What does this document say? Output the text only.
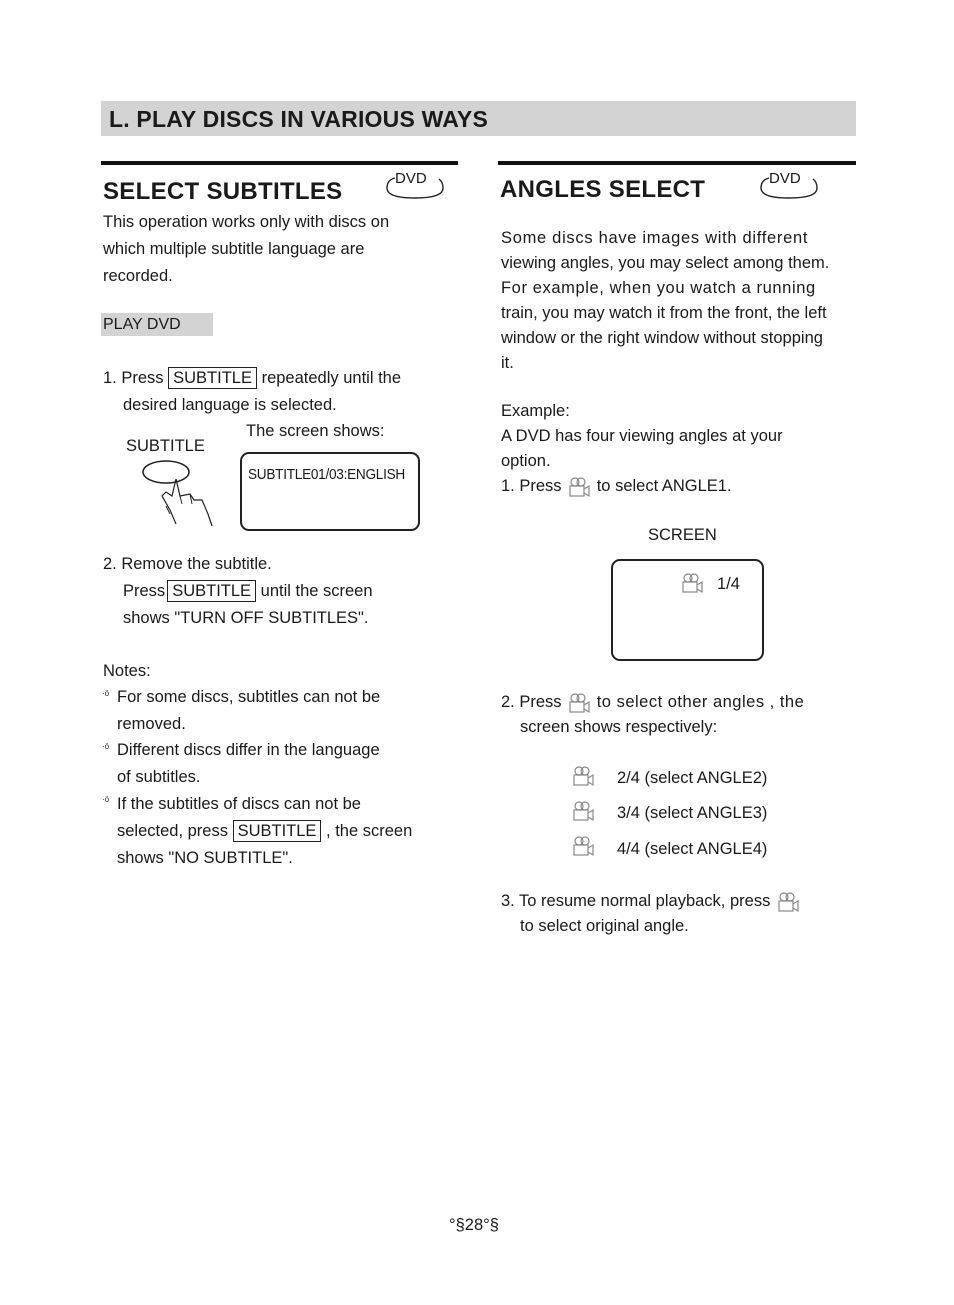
L. PLAY DISCS IN VARIOUS WAYS
SELECT SUBTITLES	DVD
This operation works only with discs on
which multiple subtitle language are
recorded.
PLAY DVD
1. Press SUBTITLE repeatedly until the
desired language is selected.
The screen shows:
SUBTITLE
SUBTITLE01/03:ENGLISH
2. Remove the subtitle.
Press SUBTITLE until the screen
shows "TURN OFF SUBTITLES".
Notes:
·ö For some discs, subtitles can not be
removed.
·ö Different discs differ in the language
of subtitles.
·ö If the subtitles of discs can not be
selected, press SUBTITLE , the screen
shows "NO SUBTITLE".
ANGLES SELECT	DVD
Some discs have images with different
viewing angles, you may select among them.
For example, when you watch a running
train, you may watch it from the front, the left
window or the right window without stopping
it.
Example:
A DVD has four viewing angles at your
option.
1. Press to select ANGLE1.
SCREEN
1/4
2. Press to select other angles , the
screen shows respectively:
2/4 (select ANGLE2)
3/4 (select ANGLE3)
4/4 (select ANGLE4)
3. To resume normal playback, press
to select original angle.
°§28°§
